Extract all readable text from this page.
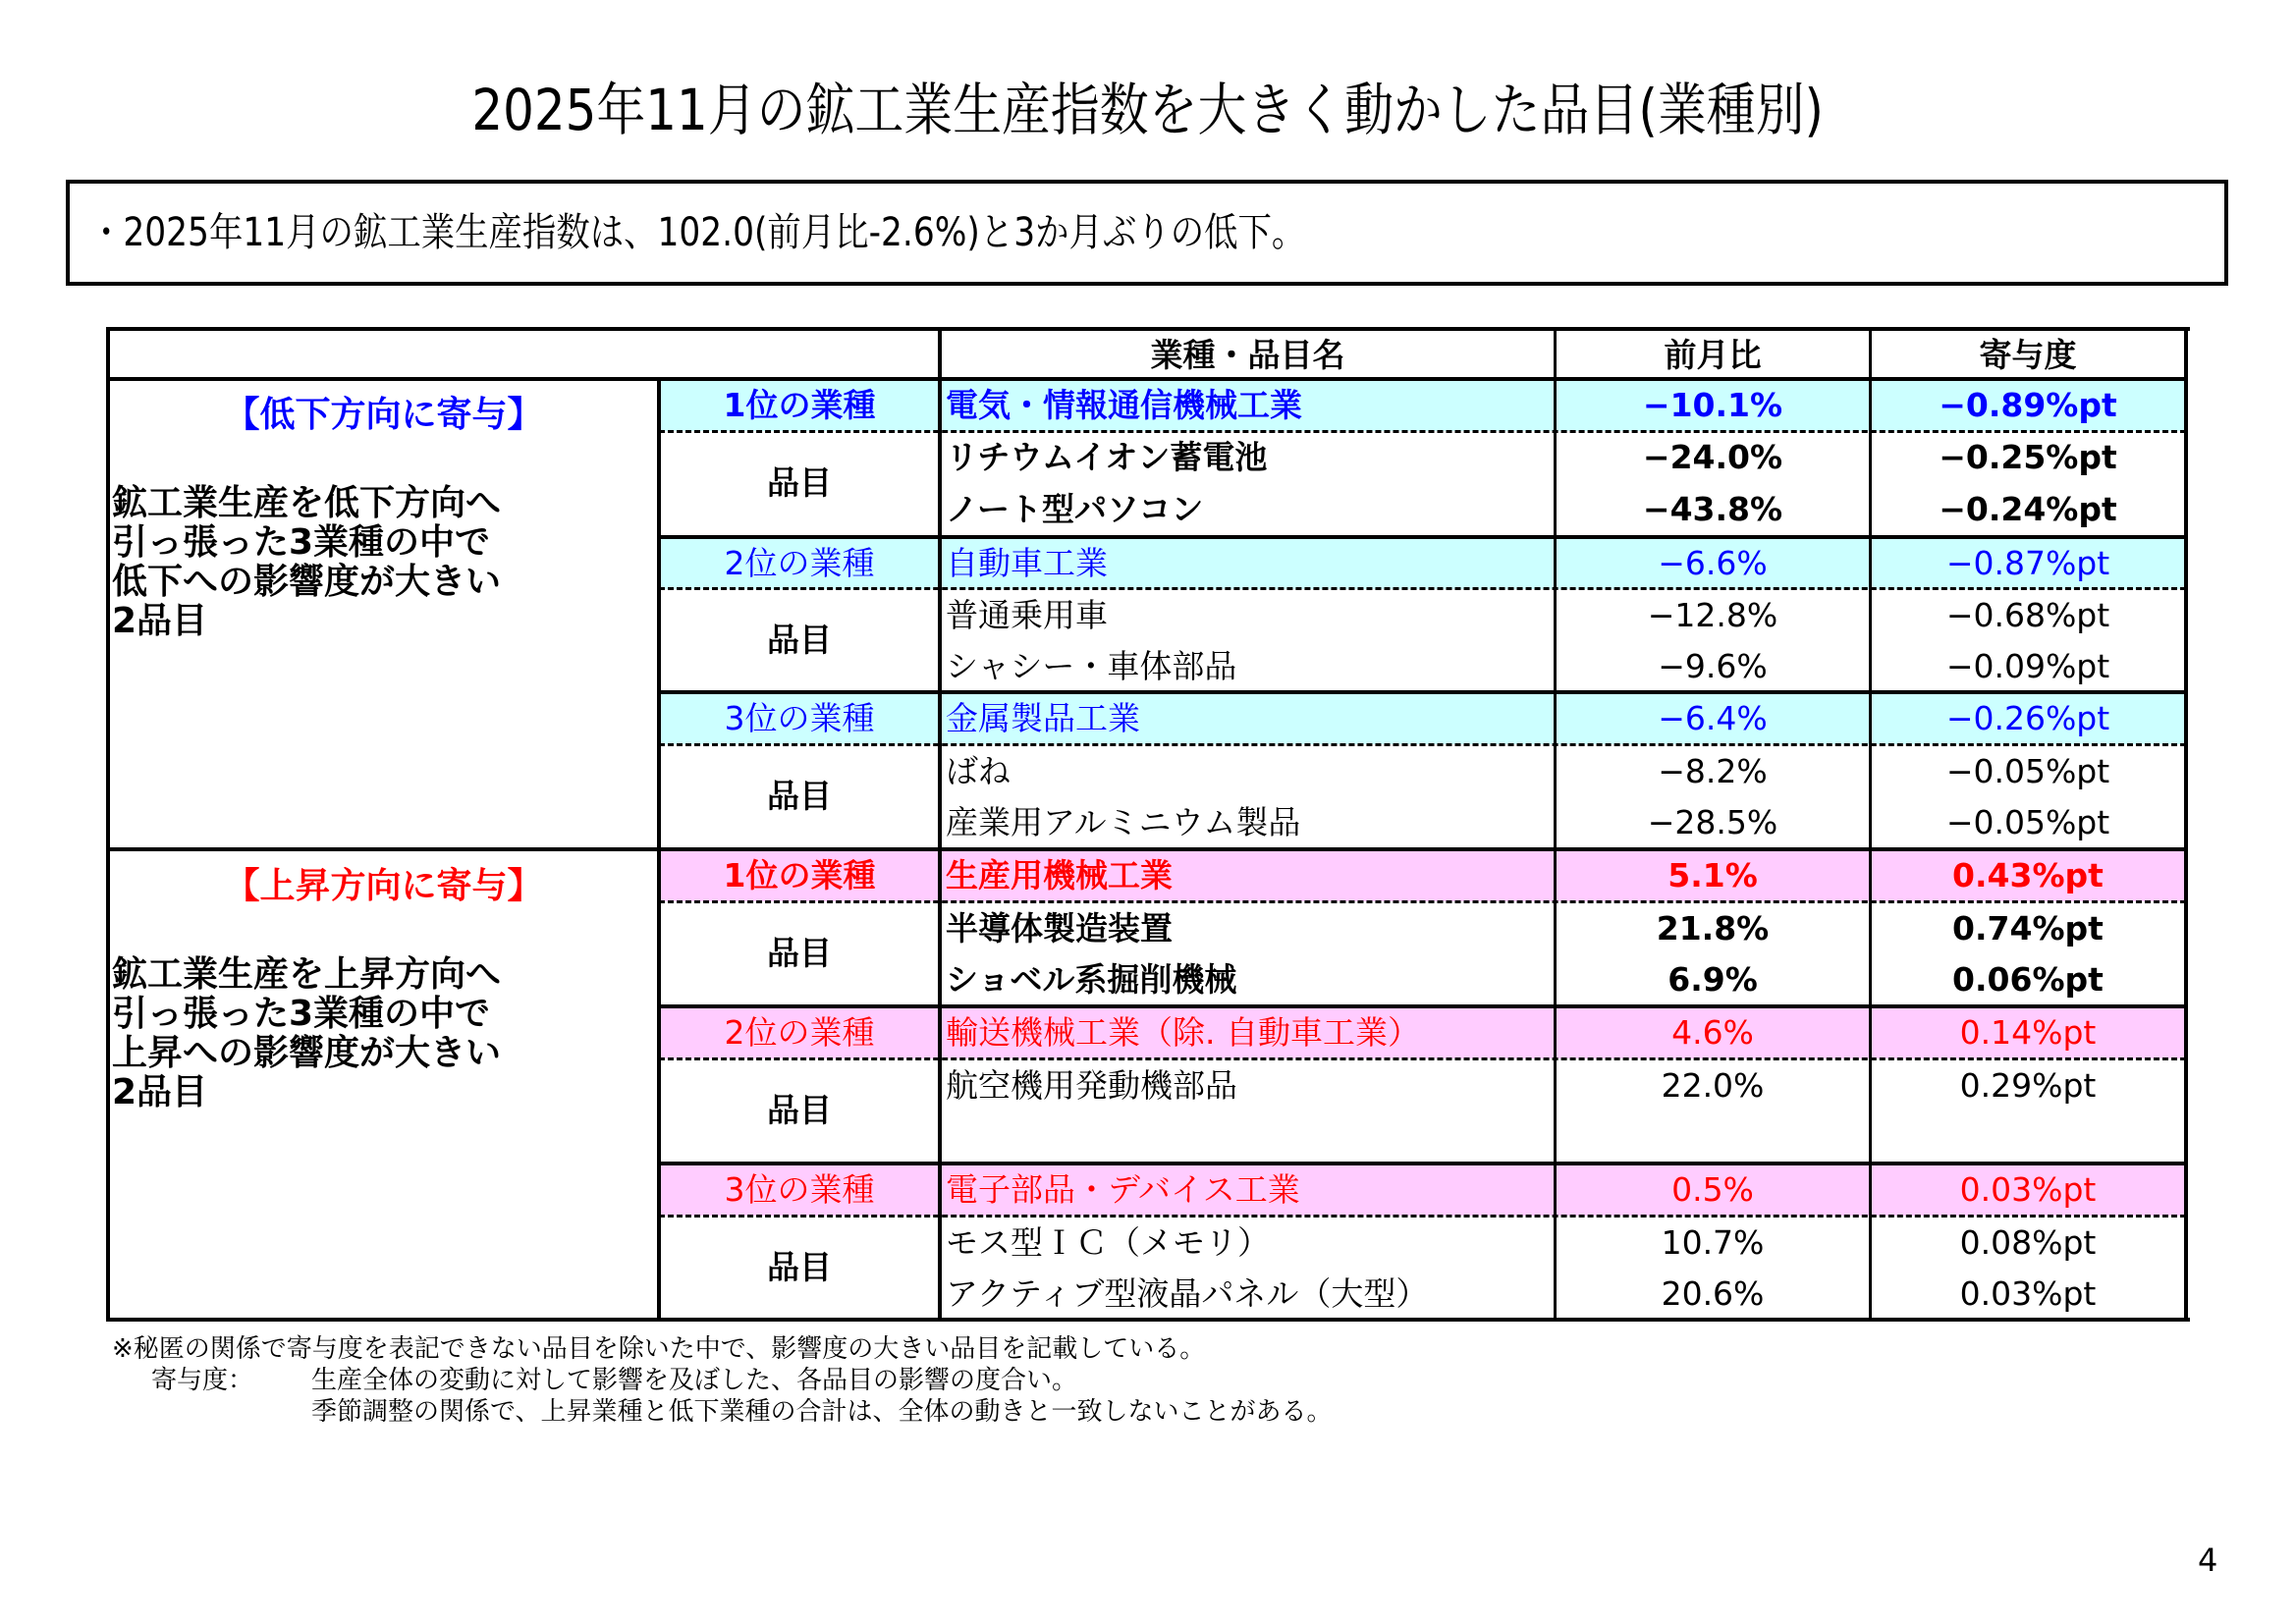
2025年11月の鉱工業生産指数を大きく動かした品目(業種別)
・2025年11月の鉱工業生産指数は、102.0(前月比-2.6%)と3か月ぶりの低下。
業種・品目名	前月比	寄与度
【低下方向に寄与】
鉱工業生産を低下方向へ
引っ張った3業種の中で
低下への影響度が大きい
2品目
1位の業種	電気・情報通信機械工業	−10.1%	−0.89%pt
品目
リチウムイオン蓄電池	−24.0%	−0.25%pt
ノート型パソコン	−43.8%	−0.24%pt
2位の業種	自動車工業	−6.6%	−0.87%pt
品目
普通乗用車	−12.8%	−0.68%pt
シャシー・車体部品	−9.6%	−0.09%pt
3位の業種	金属製品工業	−6.4%	−0.26%pt
品目
ばね	−8.2%	−0.05%pt
産業用アルミニウム製品	−28.5%	−0.05%pt
【上昇方向に寄与】
鉱工業生産を上昇方向へ
引っ張った3業種の中で
上昇への影響度が大きい
2品目
1位の業種	生産用機械工業	5.1%	0.43%pt
品目
半導体製造装置	21.8%	0.74%pt
ショベル系掘削機械	6.9%	0.06%pt
2位の業種	輸送機械工業（除. 自動車工業）	4.6%	0.14%pt
品目
航空機用発動機部品	22.0%	0.29%pt
3位の業種	電子部品・デバイス工業	0.5%	0.03%pt
品目
モス型ＩＣ（メモリ）	10.7%	0.08%pt
アクティブ型液晶パネル（大型）	20.6%	0.03%pt
※秘匿の関係で寄与度を表記できない品目を除いた中で、影響度の大きい品目を記載している。
寄与度： 生産全体の変動に対して影響を及ぼした、各品目の影響の度合い。
季節調整の関係で、上昇業種と低下業種の合計は、全体の動きと一致しないことがある。
4
